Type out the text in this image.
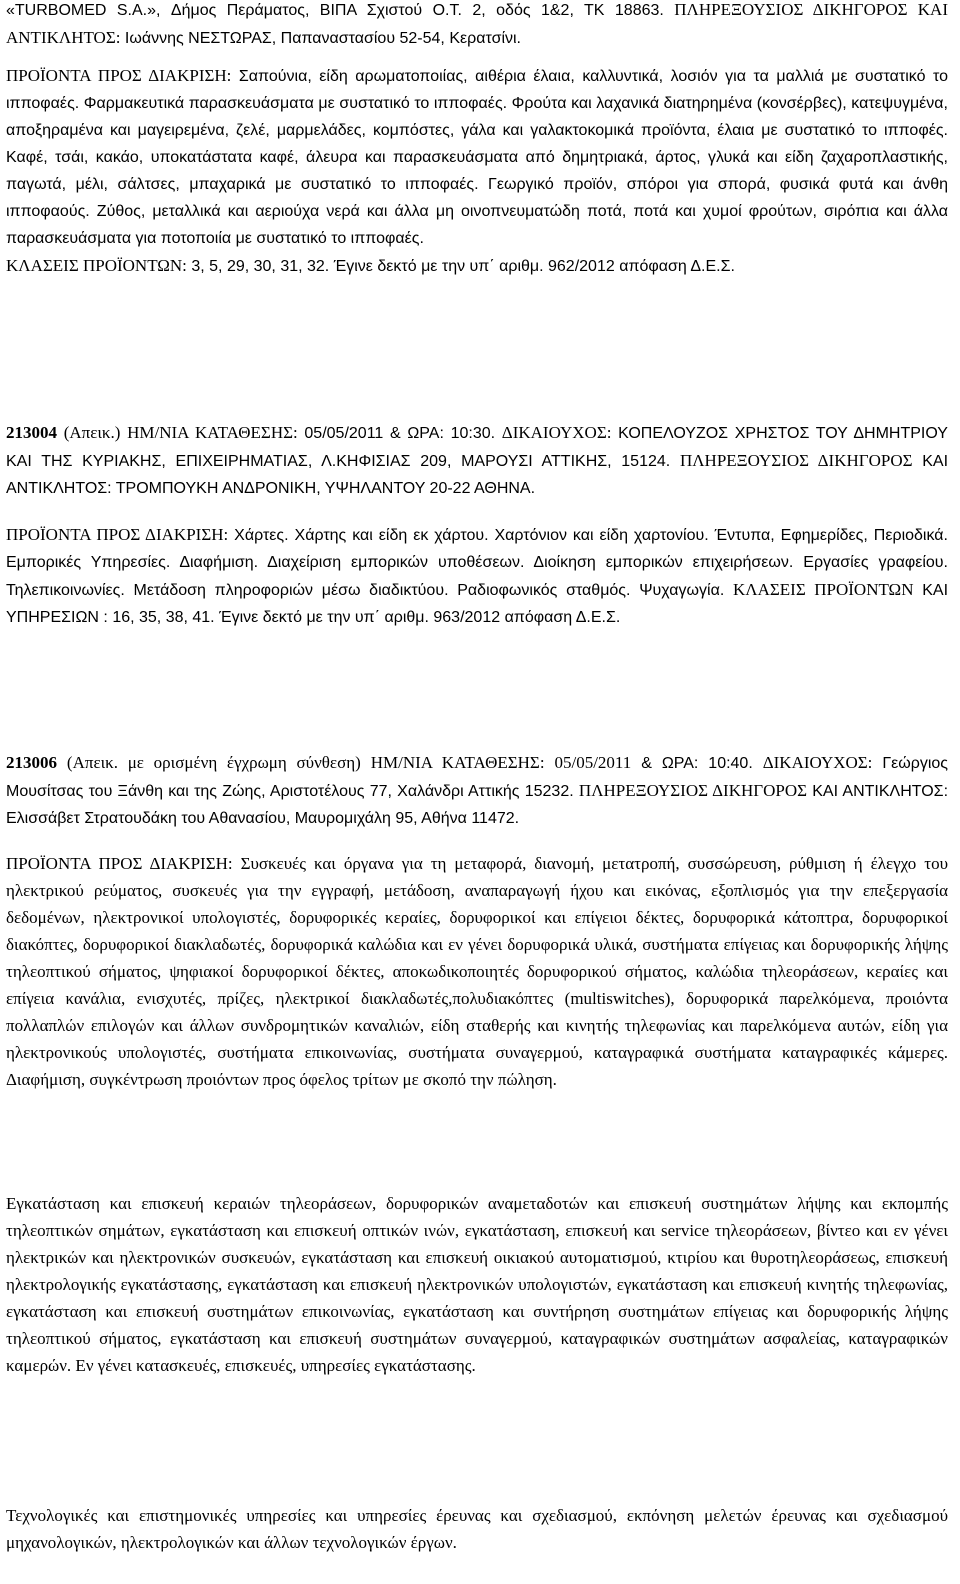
«TURBOMED S.A.», Δήμος Περάματος, ΒΙΠΑ Σχιστού Ο.Τ. 2, οδός 1&2, ΤΚ 18863. ΠΛΗΡΕΞΟΥΣΙΟΣ ΔΙΚΗΓΟΡΟΣ ΚΑΙ ΑΝΤΙΚΛΗΤΟΣ: Ιωάννης ΝΕΣΤΩΡΑΣ, Παπαναστασίου 52-54, Κερατσίνι.

ΠΡΟΪΟΝΤΑ ΠΡΟΣ ΔΙΑΚΡΙΣΗ: Σαπούνια, είδη αρωματοποιίας, αιθέρια έλαια, καλλυντικά, λοσιόν για τα μαλλιά με συστατικό το ιπποφαές. Φαρμακευτικά παρασκευάσματα με συστατικό το ιπποφαές. Φρούτα και λαχανικά διατηρημένα (κονσέρβες), κατεψυγμένα, αποξηραμένα και μαγειρεμένα, ζελέ, μαρμελάδες, κομπόστες, γάλα και γαλακτοκομικά προϊόντα, έλαια με συστατικό το ιπποφές. Καφέ, τσάι, κακάο, υποκατάστατα καφέ, άλευρα και παρασκευάσματα από δημητριακά, άρτος, γλυκά και είδη ζαχαροπλαστικής, παγωτά, μέλι, σάλτσες, μπαχαρικά με συστατικό το ιπποφαές. Γεωργικό προϊόν, σπόροι για σπορά, φυσικά φυτά και άνθη ιπποφαούς. Ζύθος, μεταλλικά και αεριούχα νερά και άλλα μη οινοπνευματώδη ποτά, ποτά και χυμοί φρούτων, σιρόπια και άλλα παρασκευάσματα για ποτοποιία με συστατικό το ιπποφαές.
ΚΛΑΣΕΙΣ ΠΡΟΪΟΝΤΩΝ: 3, 5, 29, 30, 31, 32. Έγινε δεκτό με την υπ΄ αριθμ. 962/2012 απόφαση Δ.Ε.Σ.

213004 (Απεικ.) ΗΜ/ΝΙΑ ΚΑΤΑΘΕΣΗΣ: 05/05/2011 & ΩΡΑ: 10:30. ΔΙΚΑΙΟΥΧΟΣ: ΚΟΠΕΛΟΥΖΟΣ ΧΡΗΣΤΟΣ ΤΟΥ ΔΗΜΗΤΡΙΟΥ ΚΑΙ ΤΗΣ ΚΥΡΙΑΚΗΣ, ΕΠΙΧΕΙΡΗΜΑΤΙΑΣ, Λ.ΚΗΦΙΣΙΑΣ 209, ΜΑΡΟΥΣΙ ΑΤΤΙΚΗΣ, 15124. ΠΛΗΡΕΞΟΥΣΙΟΣ ΔΙΚΗΓΟΡΟΣ ΚΑΙ ΑΝΤΙΚΛΗΤΟΣ: ΤΡΟΜΠΟΥΚΗ ΑΝΔΡΟΝΙΚΗ, ΥΨΗΛΑΝΤΟΥ 20-22 ΑΘΗΝΑ.

ΠΡΟΪΟΝΤΑ ΠΡΟΣ ΔΙΑΚΡΙΣΗ: Χάρτες. Χάρτης και είδη εκ χάρτου. Χαρτόνιον και είδη χαρτονίου. Έντυπα, Εφημερίδες, Περιοδικά. Εμπορικές Υπηρεσίες. Διαφήμιση. Διαχείριση εμπορικών υποθέσεων. Διοίκηση εμπορικών επιχειρήσεων. Εργασίες γραφείου. Τηλεπικοινωνίες. Μετάδοση πληροφοριών μέσω διαδικτύου. Ραδιοφωνικός σταθμός. Ψυχαγωγία. ΚΛΑΣΕΙΣ ΠΡΟΪΟΝΤΩΝ ΚΑΙ ΥΠΗΡΕΣΙΩΝ : 16, 35, 38, 41. Έγινε δεκτό με την υπ΄ αριθμ. 963/2012 απόφαση Δ.Ε.Σ.

213006 (Απεικ. με ορισμένη έγχρωμη σύνθεση) ΗΜ/ΝΙΑ ΚΑΤΑΘΕΣΗΣ: 05/05/2011 & ΩΡΑ: 10:40. ΔΙΚΑΙΟΥΧΟΣ: Γεώργιος Μουσίτσας του Ξάνθη και της Ζώης, Αριστοτέλους 77, Χαλάνδρι Αττικής 15232. ΠΛΗΡΕΞΟΥΣΙΟΣ ΔΙΚΗΓΟΡΟΣ ΚΑΙ ΑΝΤΙΚΛΗΤΟΣ: Ελισσάβετ Στρατουδάκη του Αθανασίου, Μαυρομιχάλη 95, Αθήνα 11472.

ΠΡΟΪΟΝΤΑ ΠΡΟΣ ΔΙΑΚΡΙΣΗ: Συσκευές και όργανα για τη μεταφορά, διανομή, μετατροπή, συσσώρευση, ρύθμιση ή έλεγχο του ηλεκτρικού ρεύματος, συσκευές για την εγγραφή, μετάδοση, αναπαραγωγή ήχου και εικόνας, εξοπλισμός για την επεξεργασία δεδομένων, ηλεκτρονικοί υπολογιστές, δορυφορικές κεραίες, δορυφορικοί και επίγειοι δέκτες, δορυφορικά κάτοπτρα, δορυφορικοί διακόπτες, δορυφορικοί διακλαδωτές, δορυφορικά καλώδια και εν γένει δορυφορικά υλικά, συστήματα επίγειας και δορυφορικής λήψης τηλεοπτικού σήματος, ψηφιακοί δορυφορικοί δέκτες, αποκωδικοποιητές δορυφορικού σήματος, καλώδια τηλεοράσεων, κεραίες και επίγεια κανάλια, ενισχυτές, πρίζες, ηλεκτρικοί διακλαδωτές,πολυδιακόπτες (multiswitches), δορυφορικά παρελκόμενα, προιόντα πολλαπλών επιλογών και άλλων συνδρομητικών καναλιών, είδη σταθερής και κινητής τηλεφωνίας και παρελκόμενα αυτών, είδη για ηλεκτρονικούς υπολογιστές, συστήματα επικοινωνίας, συστήματα συναγερμού, καταγραφικά συστήματα καταγραφικές κάμερες. Διαφήμιση, συγκέντρωση προιόντων προς όφελος τρίτων με σκοπό την πώληση.

Εγκατάσταση και επισκευή κεραιών τηλεοράσεων, δορυφορικών αναμεταδοτών και επισκευή συστημάτων λήψης και εκπομπής τηλεοπτικών σημάτων, εγκατάσταση και επισκευή οπτικών ινών, εγκατάσταση, επισκευή και service τηλεοράσεων, βίντεο και εν γένει ηλεκτρικών και ηλεκτρονικών συσκευών, εγκατάσταση και επισκευή οικιακού αυτοματισμού, κτιρίου και θυροτηλεοράσεως, επισκευή ηλεκτρολογικής εγκατάστασης, εγκατάσταση και επισκευή ηλεκτρονικών υπολογιστών, εγκατάσταση και επισκευή κινητής τηλεφωνίας, εγκατάσταση και επισκευή συστημάτων επικοινωνίας, εγκατάσταση και συντήρηση συστημάτων επίγειας και δορυφορικής λήψης τηλεοπτικού σήματος, εγκατάσταση και επισκευή συστημάτων συναγερμού, καταγραφικών συστημάτων ασφαλείας, καταγραφικών καμερών. Εν γένει κατασκευές, επισκευές, υπηρεσίες εγκατάστασης.

Τεχνολογικές και επιστημονικές υπηρεσίες και υπηρεσίες έρευνας και σχεδιασμού, εκπόνηση μελετών έρευνας και σχεδιασμού μηχανολογικών, ηλεκτρολογικών και άλλων τεχνολογικών έργων.
